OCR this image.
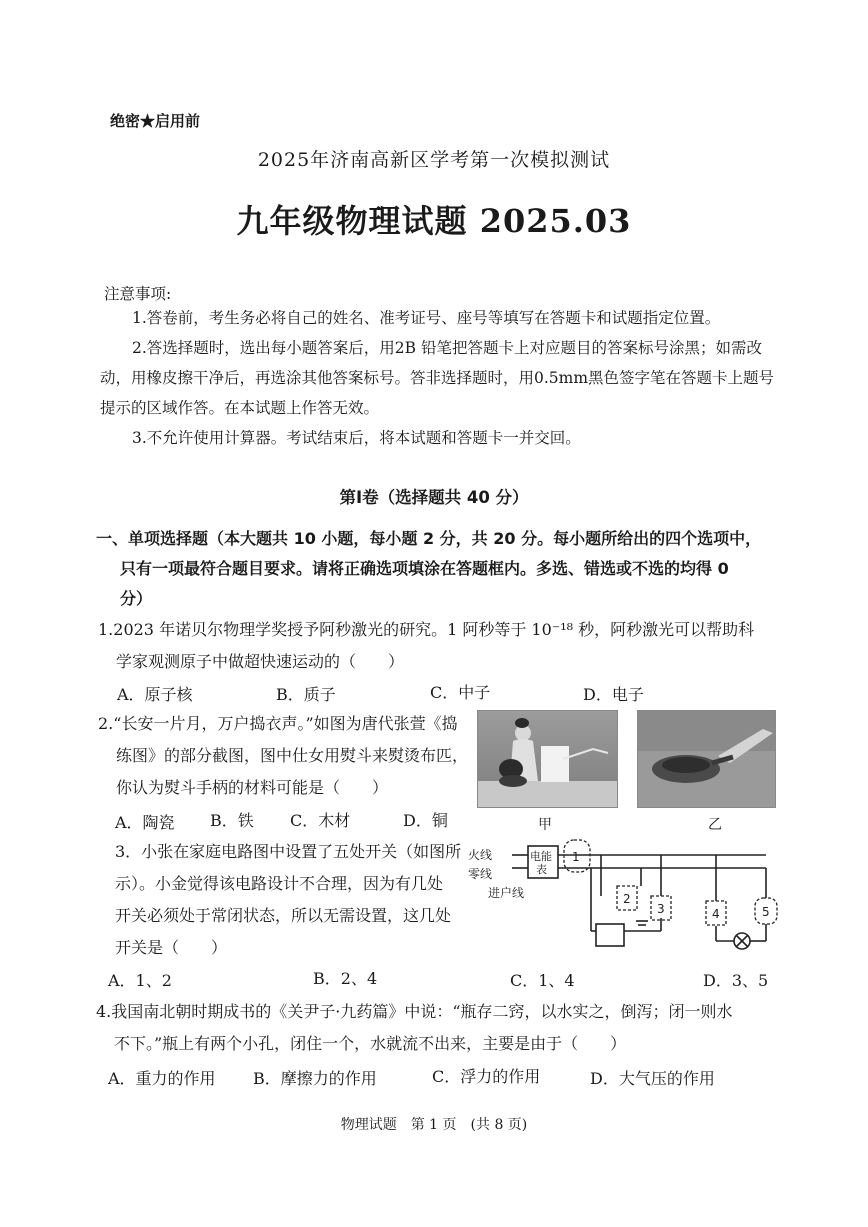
绝密★启用前
2025年济南高新区学考第一次模拟测试
九年级物理试题 2025.03
注意事项:
1.答卷前，考生务必将自己的姓名、准考证号、座号等填写在答题卡和试题指定位置。
2.答选择题时，选出每小题答案后，用2B 铅笔把答题卡上对应题目的答案标号涂黑；如需改动，用橡皮擦干净后，再选涂其他答案标号。答非选择题时，用0.5mm黑色签字笔在答题卡上题号提示的区域作答。在本试题上作答无效。
3.不允许使用计算器。考试结束后，将本试题和答题卡一并交回。
第Ⅰ卷（选择题共 40 分）
一、单项选择题（本大题共 10 小题，每小题 2 分，共 20 分。每小题所给出的四个选项中，
只有一项最符合题目要求。请将正确选项填涂在答题框内。多选、错选或不选的均得 0
分）
1.2023 年诺贝尔物理学奖授予阿秒激光的研究。1 阿秒等于 10⁻¹⁸ 秒，阿秒激光可以帮助科
学家观测原子中做超快速运动的（　　）
A．原子核	B．质子	C．中子	D．电子
2.“长安一片月，万户捣衣声。”如图为唐代张萱《捣
练图》的部分截图，图中仕女用熨斗来熨烫布匹，
你认为熨斗手柄的材料可能是（　　）
A．陶瓷 B．铁 C．木材	D．铜	甲	乙
3．小张在家庭电路图中设置了五处开关（如图所
示）。小金觉得该电路设计不合理，因为有几处
开关必须处于常闭状态，所以无需设置，这几处
开关是（　　）
A．1、2	B．2、4	C．1、4	D．3、5
火线
零线
进户线
电能
表
1
2
3	4	5
4.我国南北朝时期成书的《关尹子·九药篇》中说：“瓶存二窍，以水实之，倒泻；闭一则水
不下。”瓶上有两个小孔，闭住一个，水就流不出来，主要是由于（　　）
A．重力的作用 B．摩擦力的作用	C．浮力的作用	D．大气压的作用
物理试题　第 1 页　(共 8 页)
